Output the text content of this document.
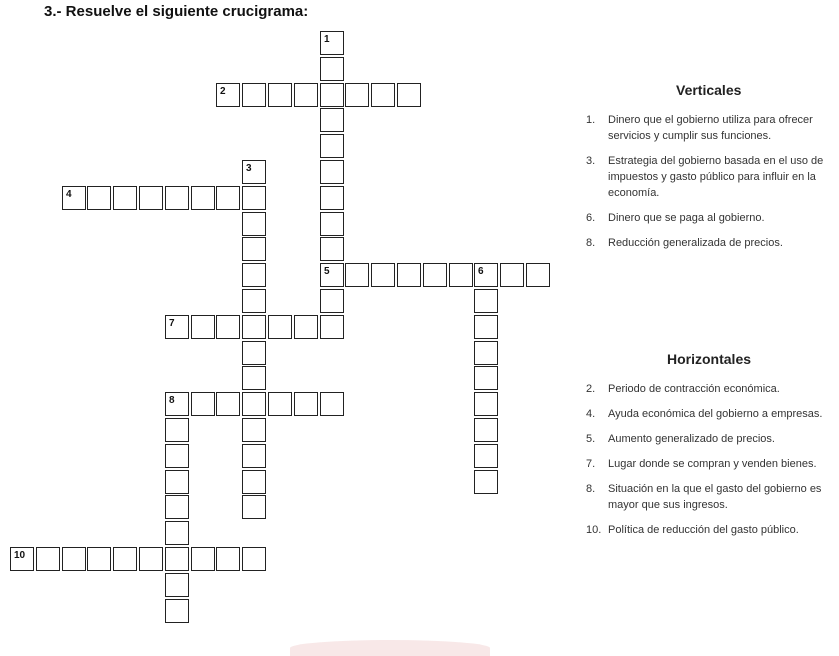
3.- Resuelve el siguiente crucigrama:
1
5
2
3
4
6
7
8
10
Verticales
1. Dinero que el gobierno utiliza para ofrecer servicios y cumplir sus funciones.
3. Estrategia del gobierno basada en el uso de impuestos y gasto público para influir en la economía.
6. Dinero que se paga al gobierno.
8. Reducción generalizada de precios.
Horizontales
2. Periodo de contracción económica.
4. Ayuda económica del gobierno a empresas.
5. Aumento generalizado de precios.
7. Lugar donde se compran y venden bienes.
8. Situación en la que el gasto del gobierno es mayor que sus ingresos.
10. Política de reducción del gasto público.
